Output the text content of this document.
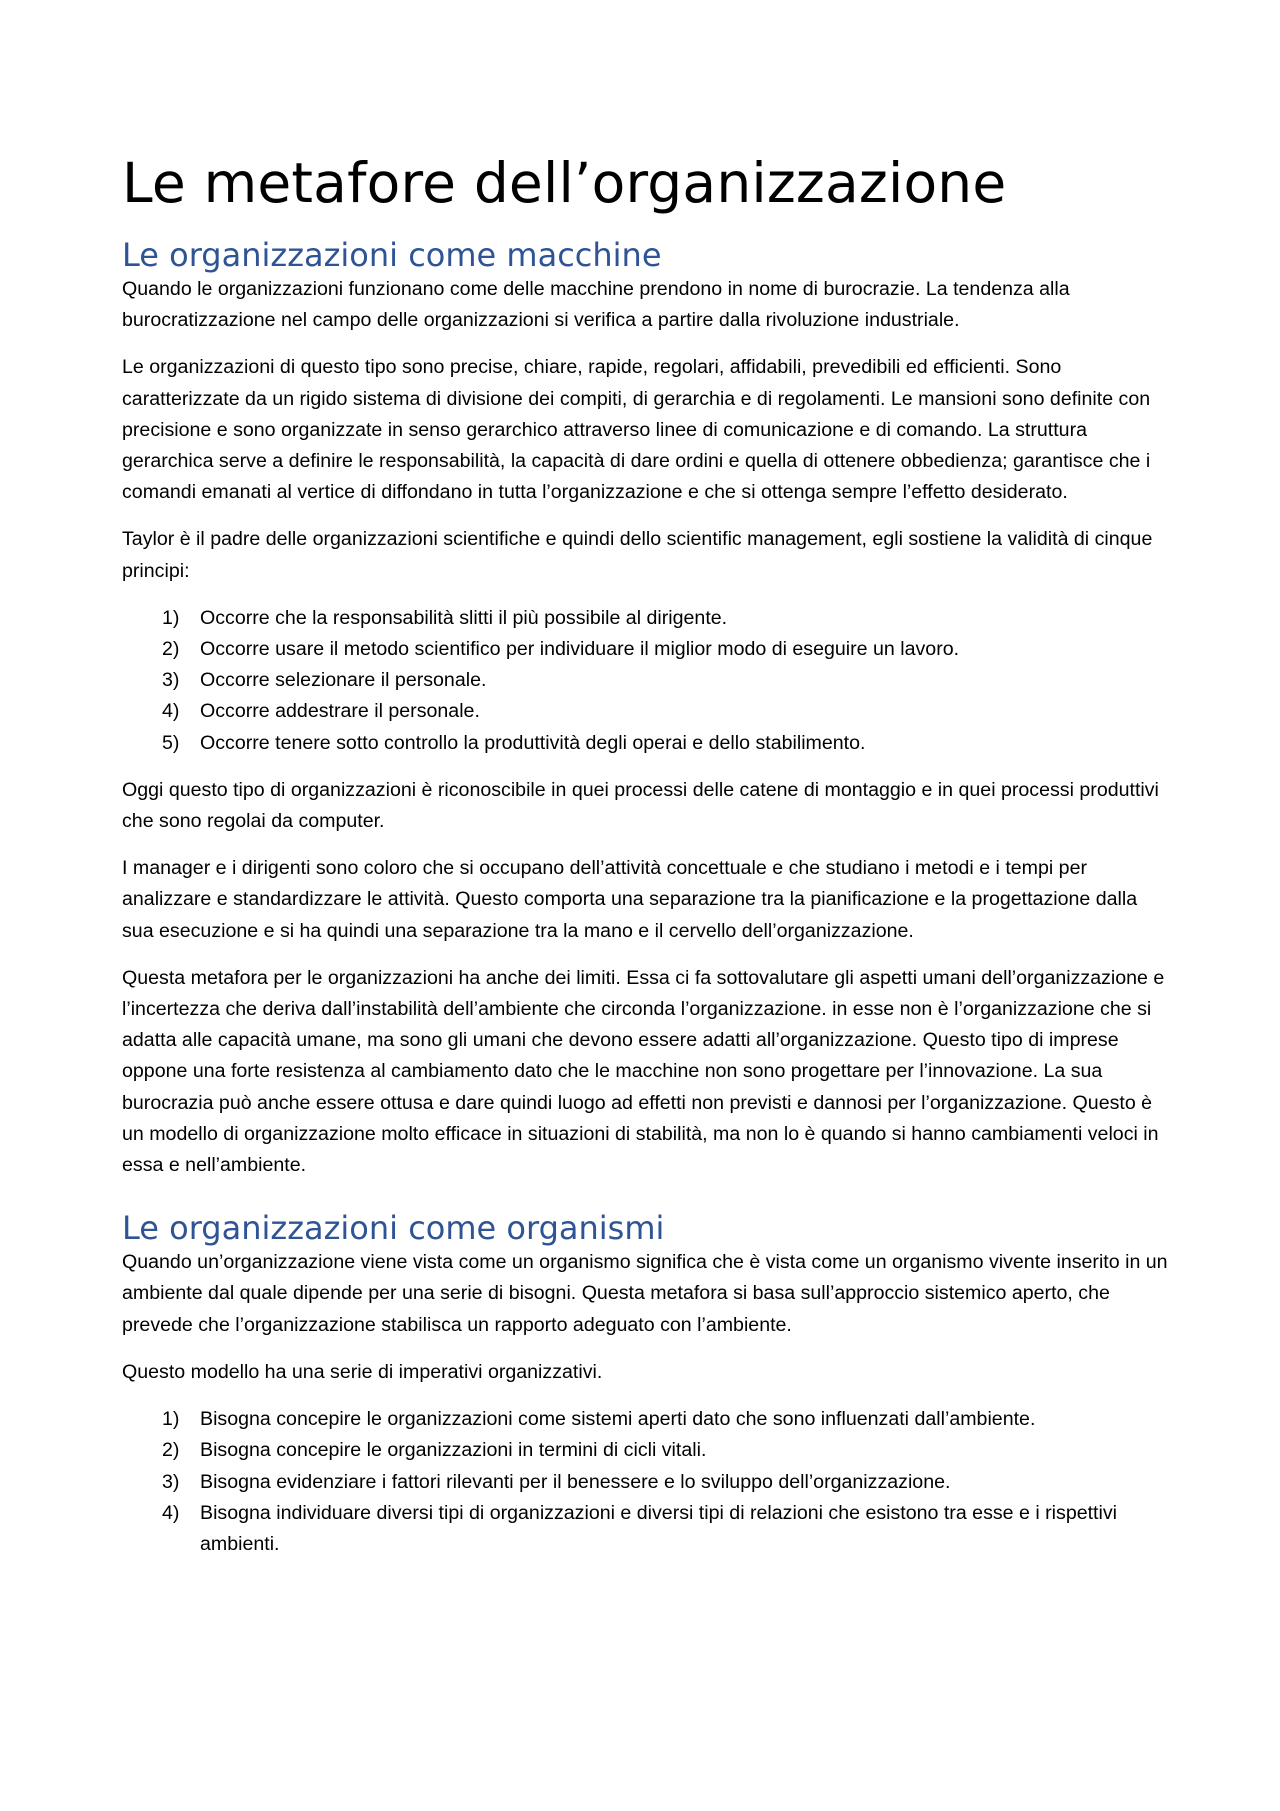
Le metafore dell’organizzazione
Le organizzazioni come macchine

Quando le organizzazioni funzionano come delle macchine prendono in nome di burocrazie. La tendenza alla burocratizzazione nel campo delle organizzazioni si verifica a partire dalla rivoluzione industriale.

Le organizzazioni di questo tipo sono precise, chiare, rapide, regolari, affidabili, prevedibili ed efficienti. Sono caratterizzate da un rigido sistema di divisione dei compiti, di gerarchia e di regolamenti. Le mansioni sono definite con precisione e sono organizzate in senso gerarchico attraverso linee di comunicazione e di comando. La struttura gerarchica serve a definire le responsabilità, la capacità di dare ordini e quella di ottenere obbedienza; garantisce che i comandi emanati al vertice di diffondano in tutta l’organizzazione e che si ottenga sempre l’effetto desiderato.

Taylor è il padre delle organizzazioni scientifiche e quindi dello scientific management, egli sostiene la validità di cinque principi:

1) Occorre che la responsabilità slitti il più possibile al dirigente.
2) Occorre usare il metodo scientifico per individuare il miglior modo di eseguire un lavoro.
3) Occorre selezionare il personale.
4) Occorre addestrare il personale.
5) Occorre tenere sotto controllo la produttività degli operai e dello stabilimento.

Oggi questo tipo di organizzazioni è riconoscibile in quei processi delle catene di montaggio e in quei processi produttivi che sono regolai da computer.

I manager e i dirigenti sono coloro che si occupano dell’attività concettuale e che studiano i metodi e i tempi per analizzare e standardizzare le attività. Questo comporta una separazione tra la pianificazione e la progettazione dalla sua esecuzione e si ha quindi una separazione tra la mano e il cervello dell’organizzazione.

Questa metafora per le organizzazioni ha anche dei limiti. Essa ci fa sottovalutare gli aspetti umani dell’organizzazione e l’incertezza che deriva dall’instabilità dell’ambiente che circonda l’organizzazione. in esse non è l’organizzazione che si adatta alle capacità umane, ma sono gli umani che devono essere adatti all’organizzazione. Questo tipo di imprese oppone una forte resistenza al cambiamento dato che le macchine non sono progettare per l’innovazione. La sua burocrazia può anche essere ottusa e dare quindi luogo ad effetti non previsti e dannosi per l’organizzazione. Questo è un modello di organizzazione molto efficace in situazioni di stabilità, ma non lo è quando si hanno cambiamenti veloci in essa e nell’ambiente.

Le organizzazioni come organismi

Quando un’organizzazione viene vista come un organismo significa che è vista come un organismo vivente inserito in un ambiente dal quale dipende per una serie di bisogni. Questa metafora si basa sull’approccio sistemico aperto, che prevede che l’organizzazione stabilisca un rapporto adeguato con l’ambiente.

Questo modello ha una serie di imperativi organizzativi.

1) Bisogna concepire le organizzazioni come sistemi aperti dato che sono influenzati dall’ambiente.
2) Bisogna concepire le organizzazioni in termini di cicli vitali.
3) Bisogna evidenziare i fattori rilevanti per il benessere e lo sviluppo dell’organizzazione.
4) Bisogna individuare diversi tipi di organizzazioni e diversi tipi di relazioni che esistono tra esse e i rispettivi ambienti.
